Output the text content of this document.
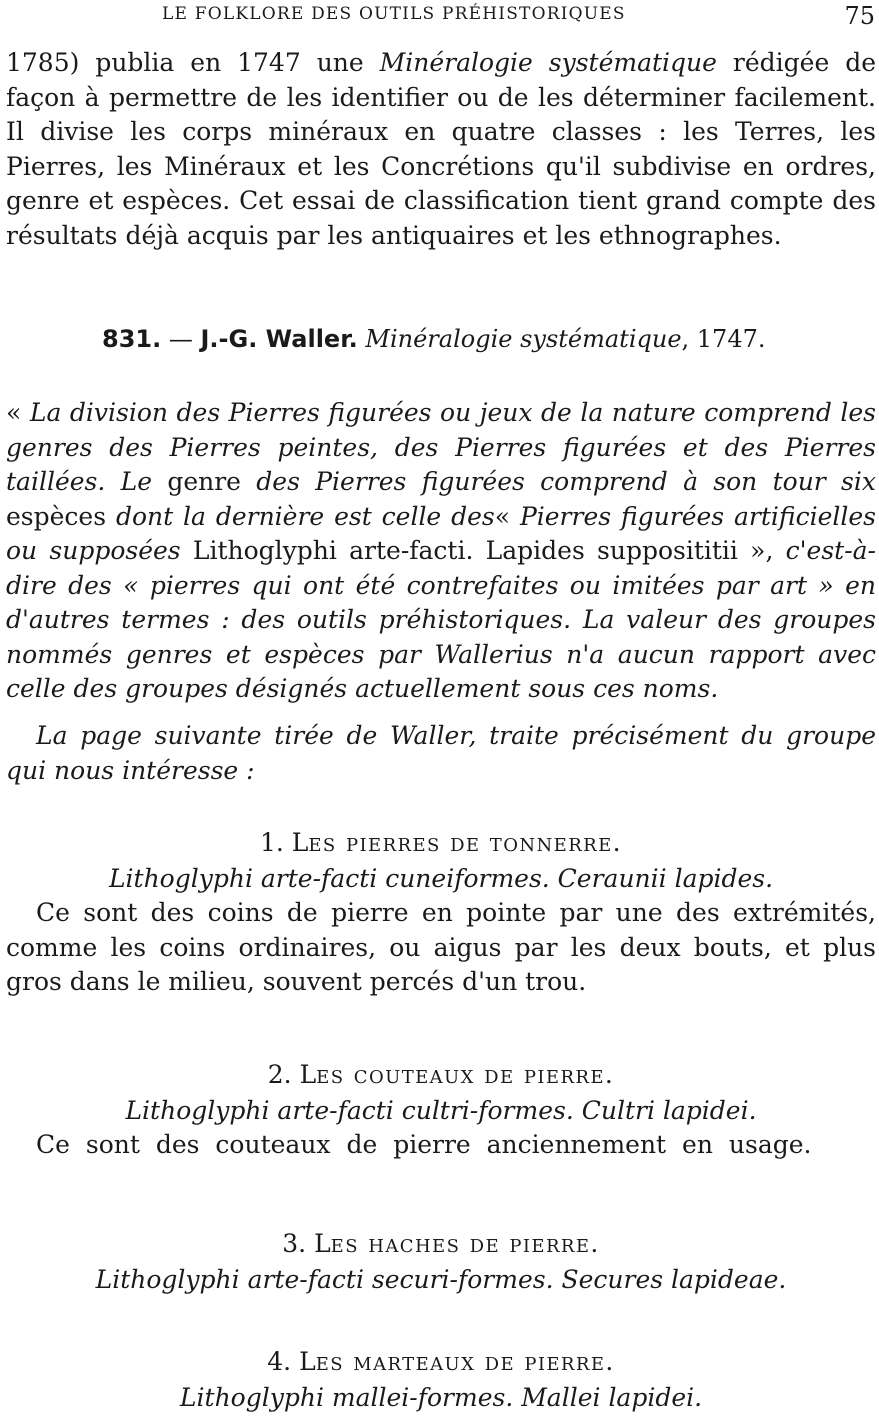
LE FOLKLORE DES OUTILS PRÉHISTORIQUES	75

1785) publia en 1747 une Minéralogie systématique rédigée de façon à permettre de les identifier ou de les déterminer facilement. Il divise les corps minéraux en quatre classes : les Terres, les Pierres, les Minéraux et les Concrétions qu'il subdivise en ordres, genre et espèces. Cet essai de classification tient grand compte des résultats déjà acquis par les antiquaires et les ethnographes.

831. — J.-G. Waller. Minéralogie systématique, 1747.

« La division des Pierres figurées ou jeux de la nature comprend les genres des Pierres peintes, des Pierres figurées et des Pierres taillées. Le genre des Pierres figurées comprend à son tour six espèces dont la dernière est celle des« Pierres figurées artificielles ou supposées Lithoglyphi arte-facti. Lapides supposititii », c'est-à-dire des « pierres qui ont été contrefaites ou imitées par art » en d'autres termes : des outils préhistoriques. La valeur des groupes nommés genres et espèces par Wallerius n'a aucun rapport avec celle des groupes désignés actuellement sous ces noms.

La page suivante tirée de Waller, traite précisément du groupe qui nous intéresse :

1. Les pierres de tonnerre.

Lithoglyphi arte-facti cuneiformes. Ceraunii lapides.

Ce sont des coins de pierre en pointe par une des extrémités, comme les coins ordinaires, ou aigus par les deux bouts, et plus gros dans le milieu, souvent percés d'un trou.

2. Les couteaux de pierre.

Lithoglyphi arte-facti cultri-formes. Cultri lapidei.

Ce sont des couteaux de pierre anciennement en usage.

3. Les haches de pierre.

Lithoglyphi arte-facti securi-formes. Secures lapideae.

4. Les marteaux de pierre.

Lithoglyphi mallei-formes. Mallei lapidei.
